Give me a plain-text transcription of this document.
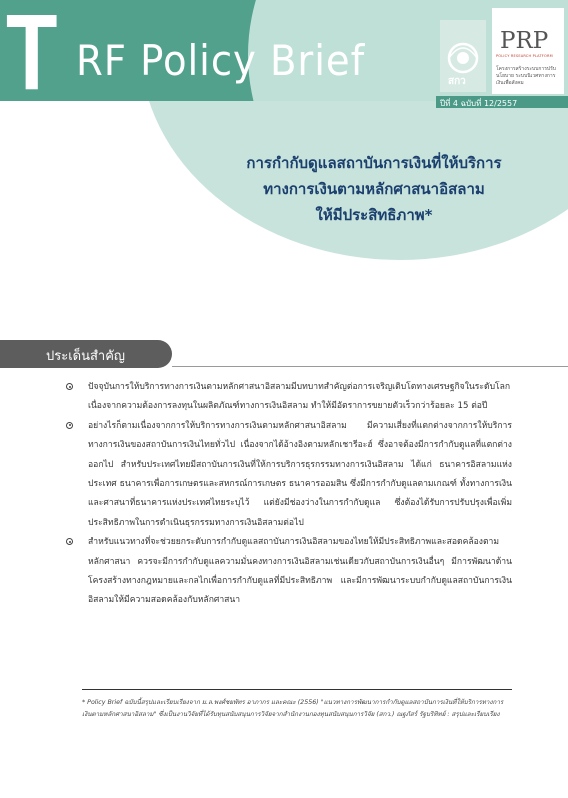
T RF Policy Brief	สกว
PRP
POLICY RESEARCH PLATFORM
โครงการสร้างระบบการปรับนโยบาย ระบบนิเวศทางการเงินเพื่อสังคม
ปีที่ 4 ฉบับที่ 12/2557
การกำกับดูแลสถาบันการเงินที่ให้บริการ
ทางการเงินตามหลักศาสนาอิสลาม
ให้มีประสิทธิภาพ*
ประเด็นสำคัญ
ปัจจุบันการให้บริการทางการเงินตามหลักศาสนาอิสลามมีบทบาทสำคัญต่อการเจริญเติบโตทางเศรษฐกิจในระดับโลก เนื่องจากความต้องการลงทุนในผลิตภัณฑ์ทางการเงินอิสลาม ทำให้มีอัตราการขยายตัวเร็วกว่าร้อยละ 15 ต่อปี
อย่างไรก็ตามเนื่องจากการให้บริการทางการเงินตามหลักศาสนาอิสลาม มีความเสี่ยงที่แตกต่างจากการให้บริการทางการเงินของสถาบันการเงินไทยทั่วไป เนื่องจากได้อ้างอิงตามหลักเชารีอะฮ์ ซึ่งอาจต้องมีการกำกับดูแลที่แตกต่างออกไป สำหรับประเทศไทยมีสถาบันการเงินที่ให้การบริการธุรกรรมทางการเงินอิสลาม ได้แก่ ธนาคารอิสลามแห่งประเทศ ธนาคารเพื่อการเกษตรและสหกรณ์การเกษตร ธนาคารออมสิน ซึ่งมีการกำกับดูแลตามเกณฑ์ ทั้งทางการเงินและศาสนาที่ธนาคารแห่งประเทศไทยระบุไว้ แต่ยังมีช่องว่างในการกำกับดูแล ซึ่งต้องได้รับการปรับปรุงเพื่อเพิ่มประสิทธิภาพในการดำเนินธุรกรรมทางการเงินอิสลามต่อไป
สำหรับแนวทางที่จะช่วยยกระดับการกำกับดูแลสถาบันการเงินอิสลามของไทยให้มีประสิทธิภาพและสอดคล้องตามหลักศาสนา ควรจะมีการกำกับดูแลความมั่นคงทางการเงินอิสลามเช่นเดียวกับสถาบันการเงินอื่นๆ มีการพัฒนาด้านโครงสร้างทางกฎหมายและกลไกเพื่อการกำกับดูแลที่มีประสิทธิภาพ และมีการพัฒนาระบบกำกับดูแลสถาบันการเงินอิสลามให้มีความสอดคล้องกับหลักศาสนา
* Policy Brief ฉบับนี้สรุปและเรียบเรียงจาก ม.ล.พงศ์ชยพัทร อาภากร และคณะ (2556) "แนวทางการพัฒนาการกำกับดูแลสถาบันการเงินที่ให้บริการทางการเงินตามหลักศาสนาอิสลาม" ซึ่งเป็นงานวิจัยที่ได้รับทุนสนับสนุนการวิจัยจากสำนักงานกองทุนสนับสนุนการวิจัย (สกว.) ณฐภัสร์ รัฐบริทิทย์ : สรุปและเรียบเรียง
